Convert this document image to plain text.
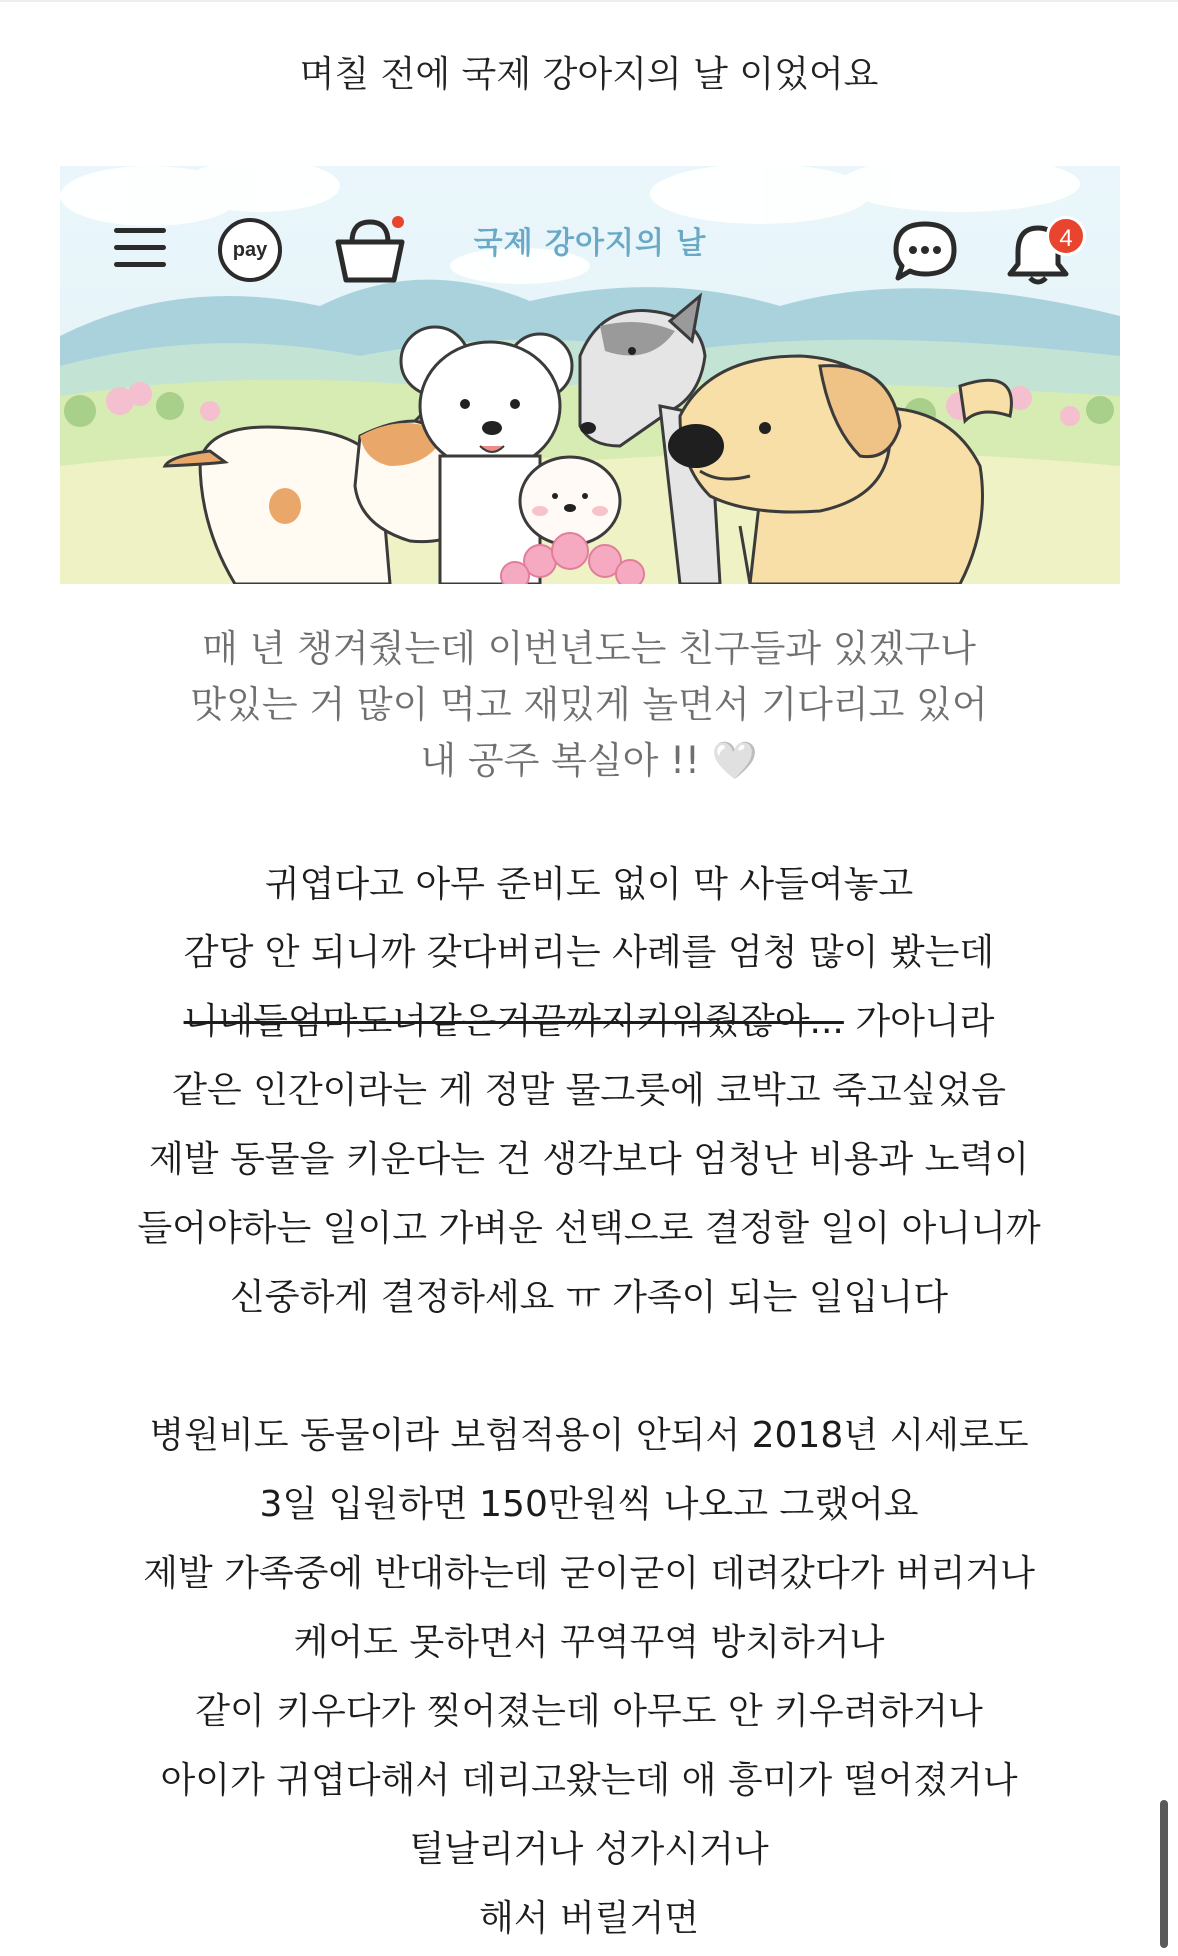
며칠 전에 국제 강아지의 날 이었어요
국제 강아지의 날
pay	4
매 년 챙겨줬는데 이번년도는 친구들과 있겠구나
맛있는 거 많이 먹고 재밌게 놀면서 기다리고 있어
내 공주 복실아 !! 🤍
귀엽다고 아무 준비도 없이 막 사들여놓고
감당 안 되니까 갖다버리는 사례를 엄청 많이 봤는데
니네들엄마도너같은거끝까지키워줬잖아... 가아니라
같은 인간이라는 게 정말 물그릇에 코박고 죽고싶었음
제발 동물을 키운다는 건 생각보다 엄청난 비용과 노력이
들어야하는 일이고 가벼운 선택으로 결정할 일이 아니니까
신중하게 결정하세요 ㅠ 가족이 되는 일입니다
병원비도 동물이라 보험적용이 안되서 2018년 시세로도
3일 입원하면 150만원씩 나오고 그랬어요
제발 가족중에 반대하는데 굳이굳이 데려갔다가 버리거나
케어도 못하면서 꾸역꾸역 방치하거나
같이 키우다가 찢어졌는데 아무도 안 키우려하거나
아이가 귀엽다해서 데리고왔는데 애 흥미가 떨어졌거나
털날리거나 성가시거나
해서 버릴거면
